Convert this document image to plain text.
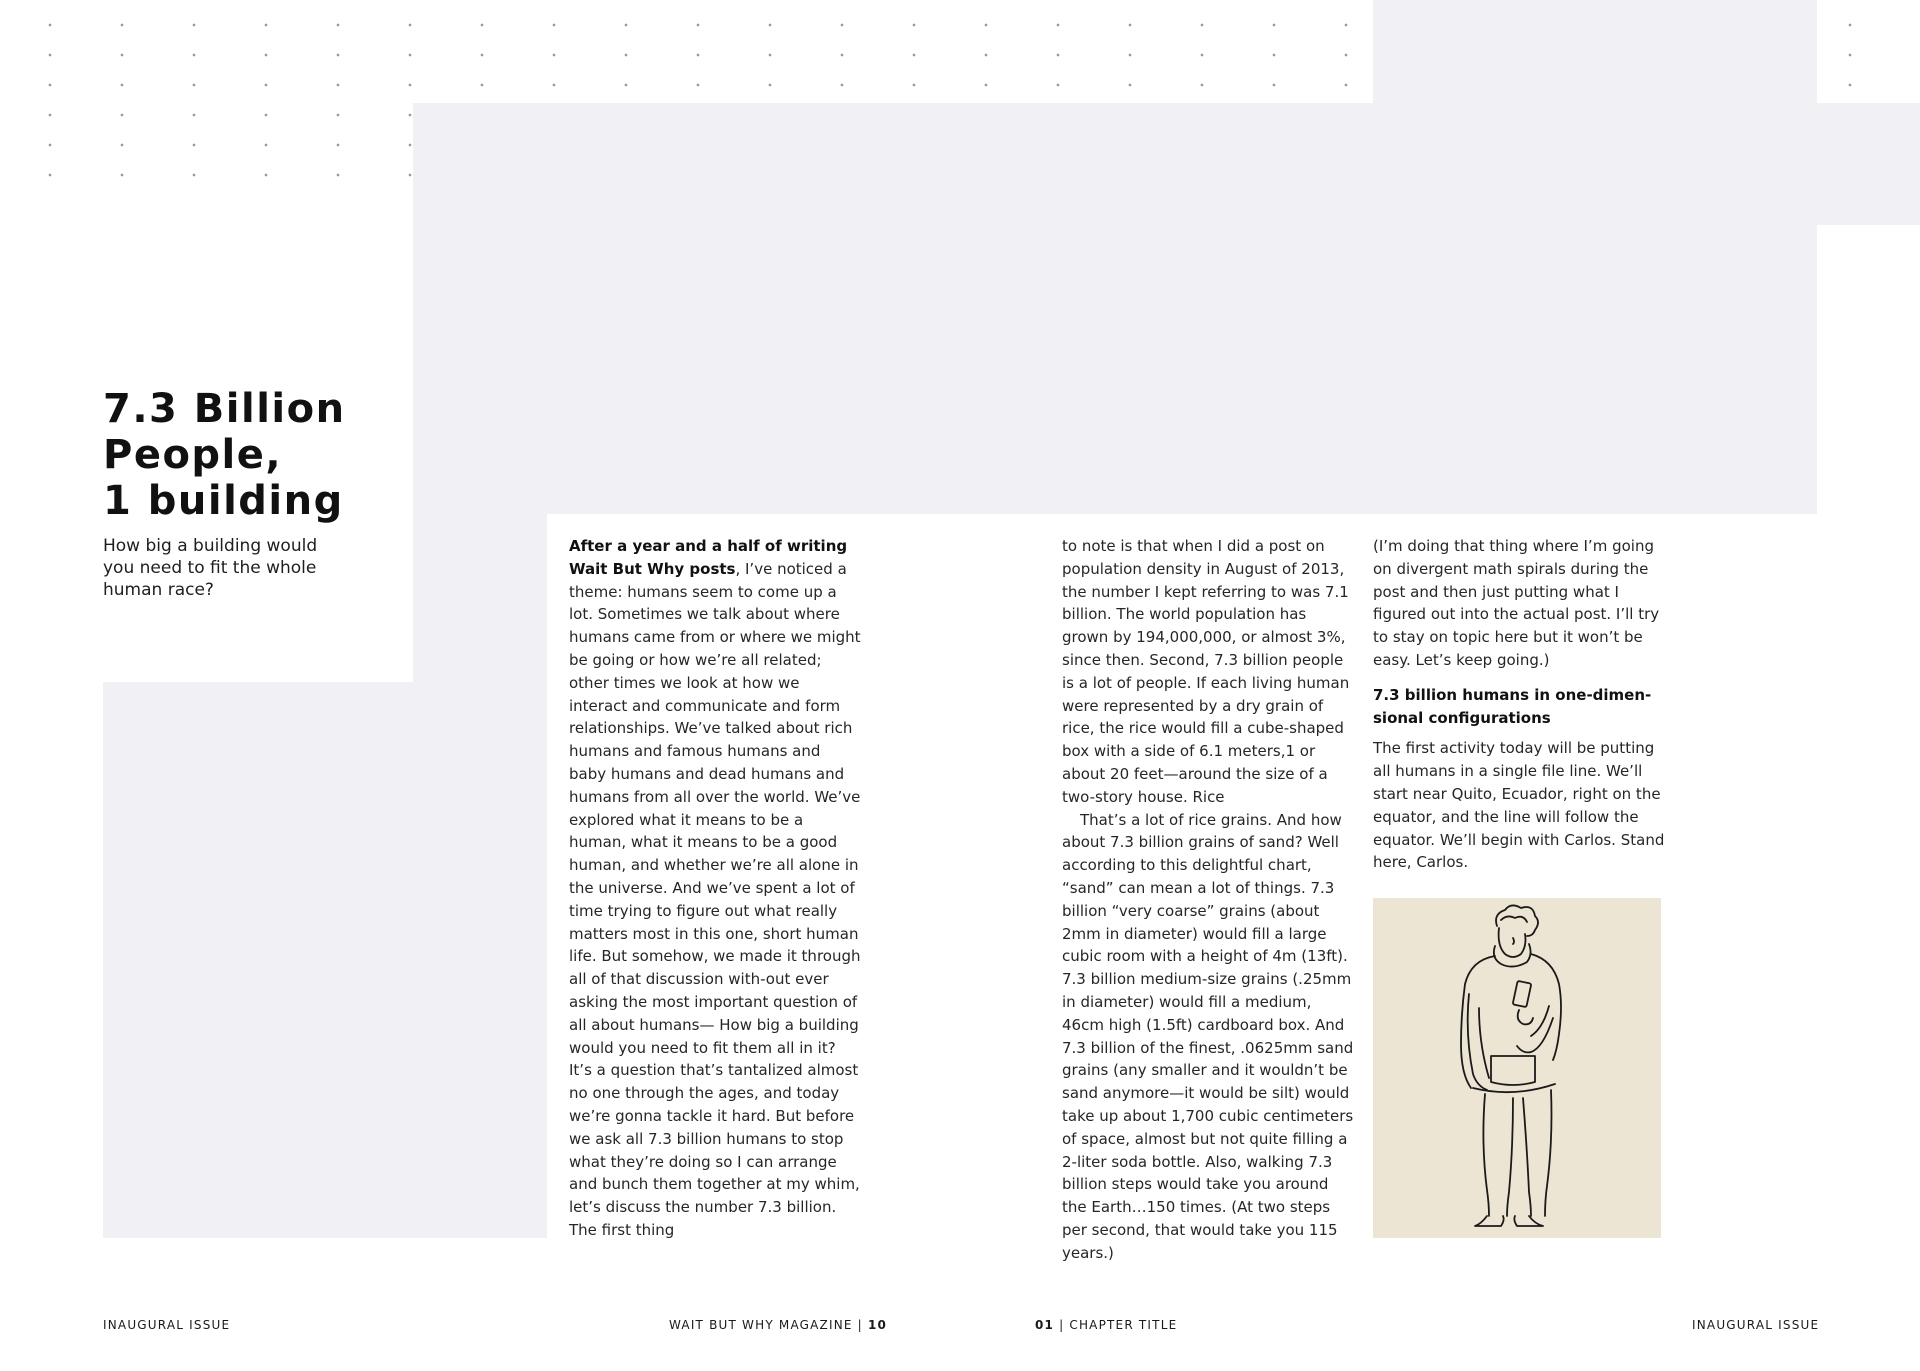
7.3 Billion
People,
1 building

How big a building would you need to fit the whole human race?

After a year and a half of writing Wait But Why posts, I’ve noticed a theme: humans seem to come up a lot. Sometimes we talk about where humans came from or where we might be going or how we’re all related; other times we look at how we interact and communicate and form relationships. We’ve talked about rich humans and famous humans and baby humans and dead humans and humans from all over the world. We’ve explored what it means to be a human, what it means to be a good human, and whether we’re all alone in the universe. And we’ve spent a lot of time trying to figure out what really matters most in this one, short human life. But somehow, we made it through all of that discussion with-out ever asking the most important question of all about humans— How big a building would you need to fit them all in it? It’s a question that’s tantalized almost no one through the ages, and today we’re gonna tackle it hard. But before we ask all 7.3 billion humans to stop what they’re doing so I can arrange and bunch them together at my whim, let’s discuss the number 7.3 billion. The first thing

to note is that when I did a post on population density in August of 2013, the number I kept referring to was 7.1 billion. The world population has grown by 194,000,000, or almost 3%, since then. Second, 7.3 billion people is a lot of people. If each living human were represented by a dry grain of rice, the rice would fill a cube-shaped box with a side of 6.1 meters,1 or about 20 feet—around the size of a two-story house. Rice

That’s a lot of rice grains. And how about 7.3 billion grains of sand? Well according to this delightful chart, “sand” can mean a lot of things. 7.3 billion “very coarse” grains (about 2mm in diameter) would fill a large cubic room with a height of 4m (13ft). 7.3 billion medium-size grains (.25mm in diameter) would fill a medium, 46cm high (1.5ft) cardboard box. And 7.3 billion of the finest, .0625mm sand grains (any smaller and it wouldn’t be sand anymore—it would be silt) would take up about 1,700 cubic centimeters of space, almost but not quite filling a 2-liter soda bottle. Also, walking 7.3 billion steps would take you around the Earth…150 times. (At two steps per second, that would take you 115 years.)

(I’m doing that thing where I’m going on divergent math spirals during the post and then just putting what I figured out into the actual post. I’ll try to stay on topic here but it won’t be easy. Let’s keep going.)

7.3 billion humans in one-dimen-sional configurations

The first activity today will be putting all humans in a single file line. We’ll start near Quito, Ecuador, right on the equator, and the line will follow the equator. We’ll begin with Carlos. Stand here, Carlos.

INAUGURAL ISSUE	WAIT BUT WHY MAGAZINE | 10	01 | CHAPTER TITLE	INAUGURAL ISSUE
